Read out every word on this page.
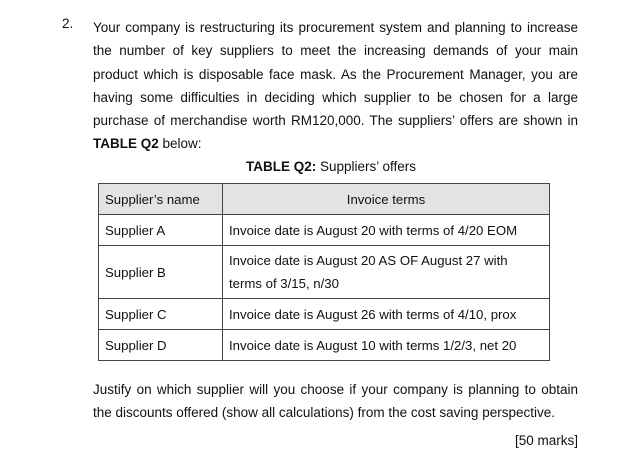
2. Your company is restructuring its procurement system and planning to increase the number of key suppliers to meet the increasing demands of your main product which is disposable face mask. As the Procurement Manager, you are having some difficulties in deciding which supplier to be chosen for a large purchase of merchandise worth RM120,000. The suppliers’ offers are shown in TABLE Q2 below:

TABLE Q2: Suppliers’ offers
Supplier’s name	Invoice terms
Supplier A	Invoice date is August 20 with terms of 4/20 EOM
Supplier B	Invoice date is August 20 AS OF August 27 with terms of 3/15, n/30
Supplier C	Invoice date is August 26 with terms of 4/10, prox
Supplier D	Invoice date is August 10 with terms 1/2/3, net 20

Justify on which supplier will you choose if your company is planning to obtain the discounts offered (show all calculations) from the cost saving perspective.

[50 marks]
